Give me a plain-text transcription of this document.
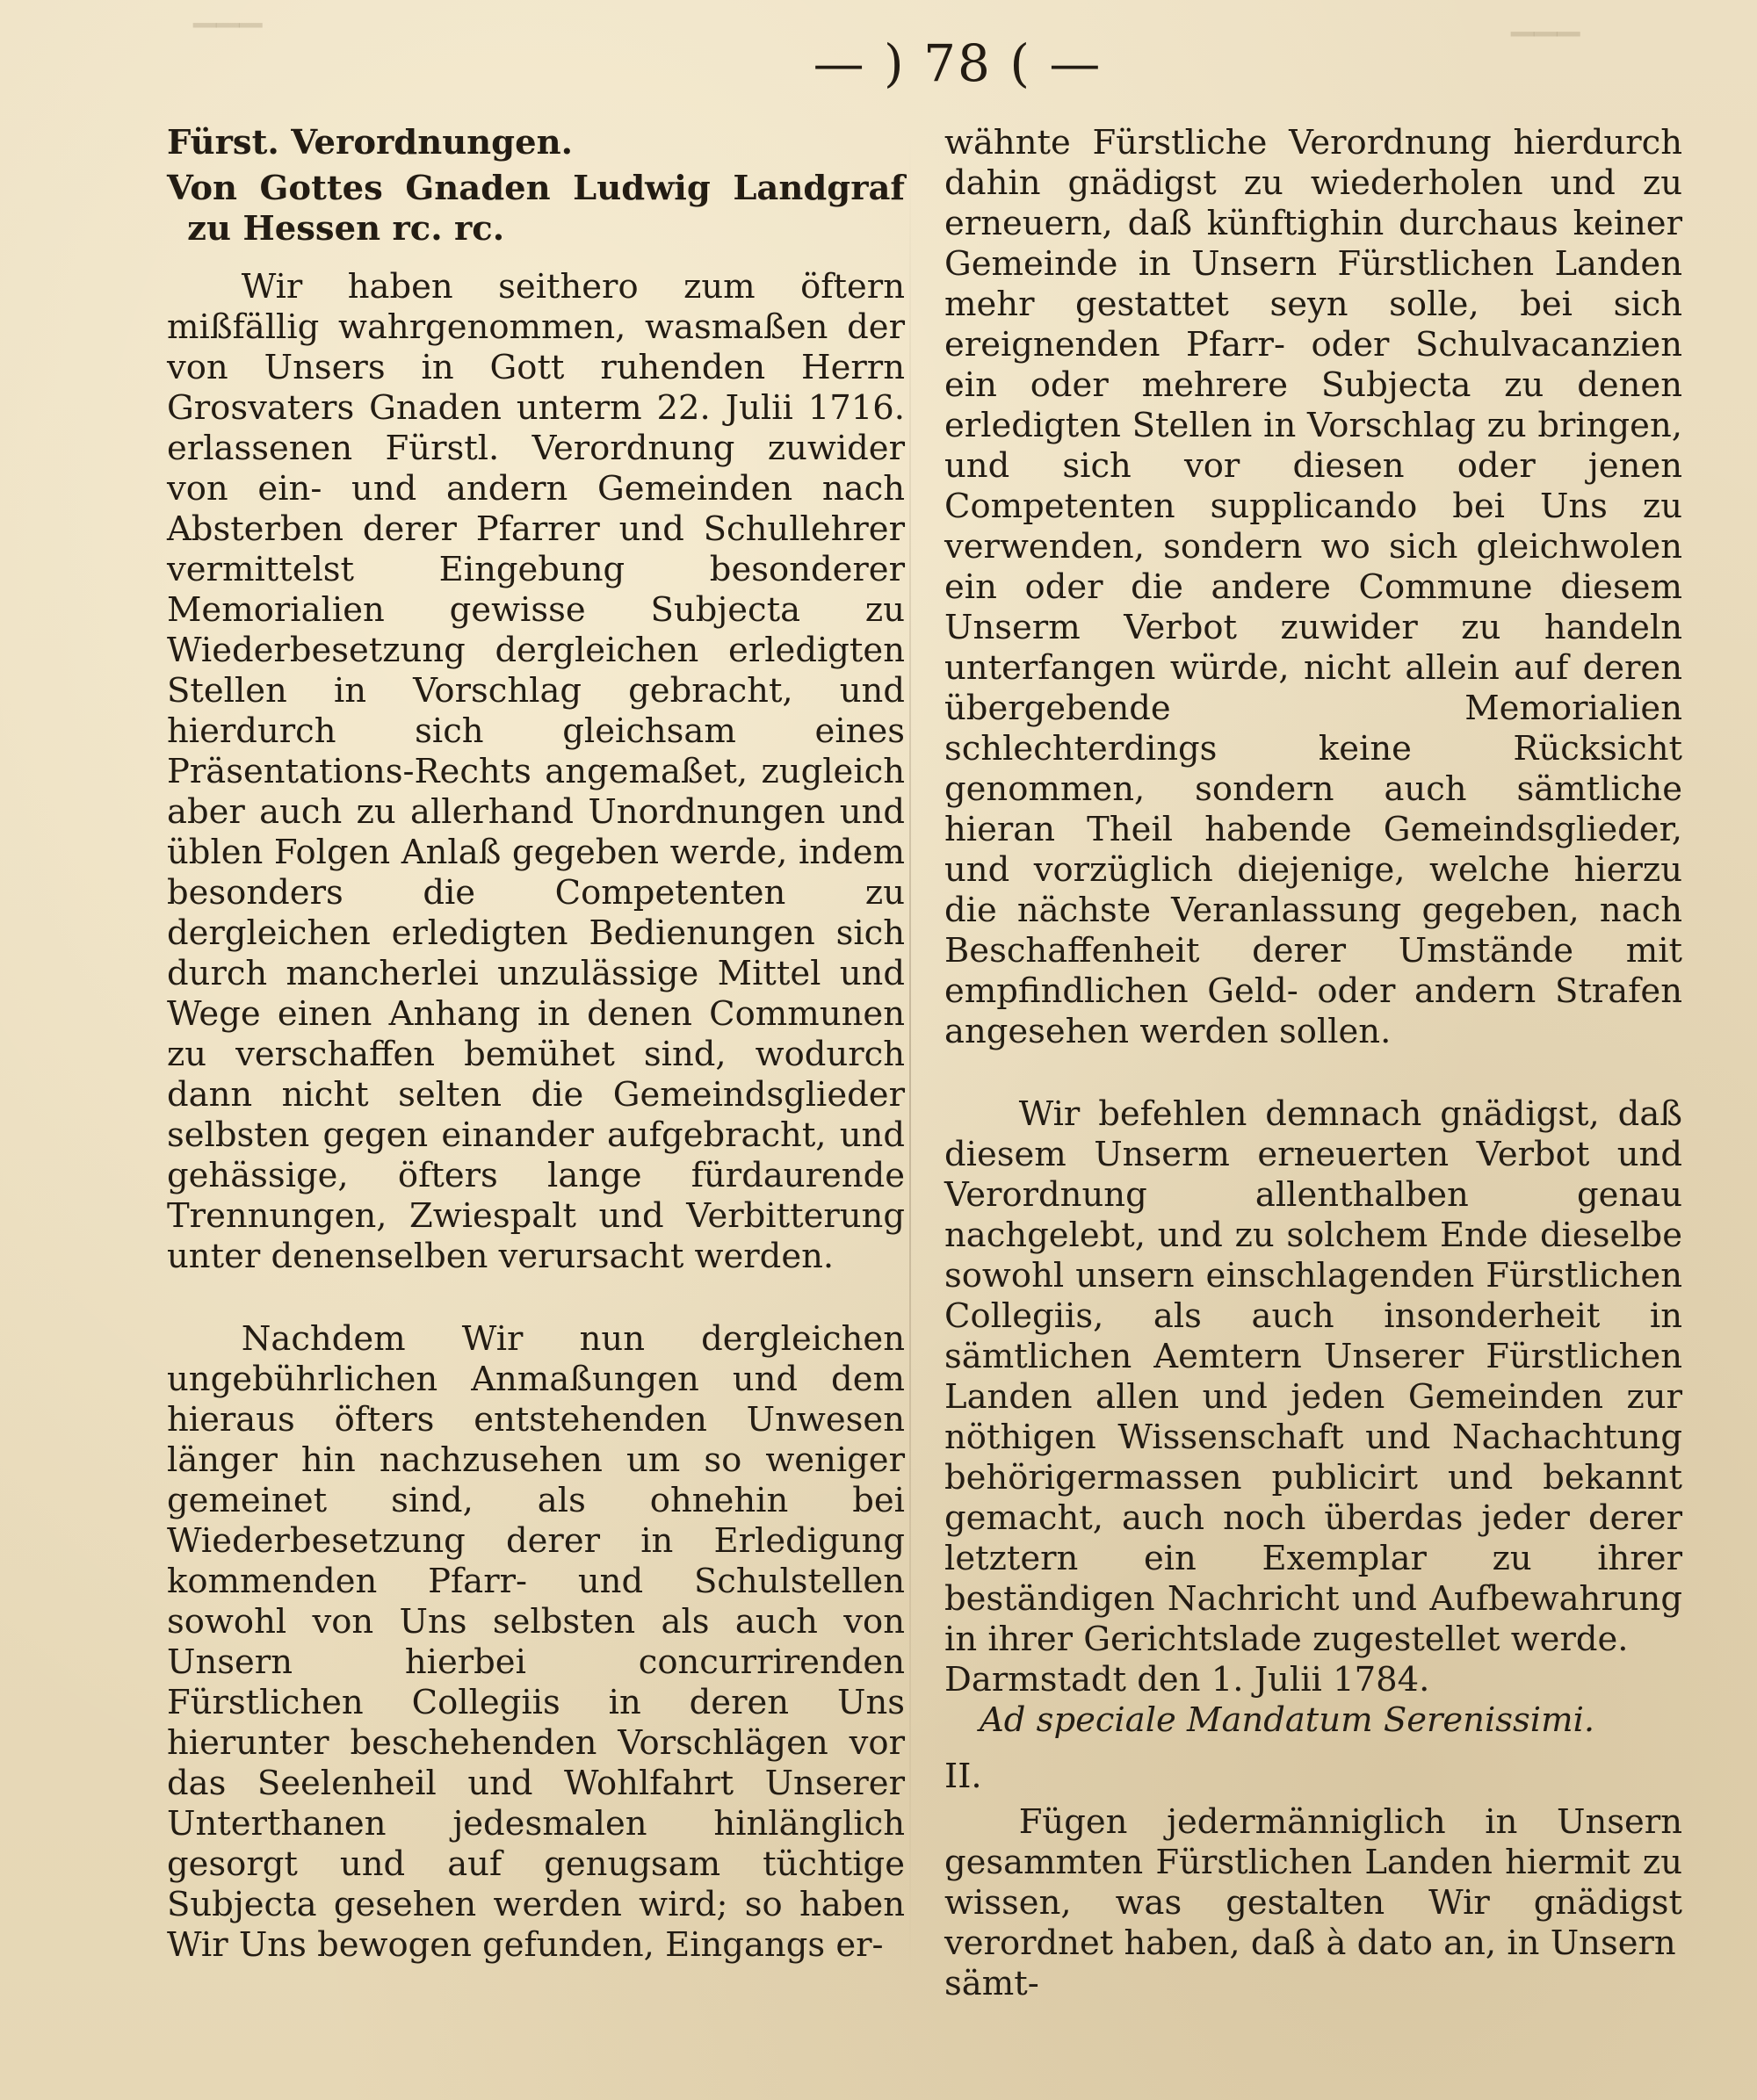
▔▔▔	▔▔▔
— ) 78 ( —

Fürst. Verordnungen.

Von Gottes Gnaden Ludwig Landgraf zu Hessen rc. rc.

Wir haben seithero zum öftern mißfällig wahrgenommen, wasmaßen der von Unsers in Gott ruhenden Herrn Grosvaters Gnaden unterm 22. Julii 1716. erlassenen Fürstl. Verordnung zuwider von ein- und andern Gemeinden nach Absterben derer Pfarrer und Schullehrer vermittelst Eingebung besonderer Memorialien gewisse Subjecta zu Wiederbesetzung dergleichen erledigten Stellen in Vorschlag gebracht, und hierdurch sich gleichsam eines Präsentations-Rechts angemaßet, zugleich aber auch zu allerhand Unordnungen und üblen Folgen Anlaß gegeben werde, indem besonders die Competenten zu dergleichen erledigten Bedienungen sich durch mancherlei unzulässige Mittel und Wege einen Anhang in denen Communen zu verschaffen bemühet sind, wodurch dann nicht selten die Gemeindsglieder selbsten gegen einander aufgebracht, und gehässige, öfters lange fürdaurende Trennungen, Zwiespalt und Verbitterung unter denenselben verursacht werden.

Nachdem Wir nun dergleichen ungebührlichen Anmaßungen und dem hieraus öfters entstehenden Unwesen länger hin nachzusehen um so weniger gemeinet sind, als ohnehin bei Wiederbesetzung derer in Erledigung kommenden Pfarr- und Schulstellen sowohl von Uns selbsten als auch von Unsern hierbei concurrirenden Fürstlichen Collegiis in deren Uns hierunter beschehenden Vorschlägen vor das Seelenheil und Wohlfahrt Unserer Unterthanen jedesmalen hinlänglich gesorgt und auf genugsam tüchtige Subjecta gesehen werden wird; so haben Wir Uns bewogen gefunden, Eingangs er-

wähnte Fürstliche Verordnung hierdurch dahin gnädigst zu wiederholen und zu erneuern, daß künftighin durchaus keiner Gemeinde in Unsern Fürstlichen Landen mehr gestattet seyn solle, bei sich ereignenden Pfarr- oder Schulvacanzien ein oder mehrere Subjecta zu denen erledigten Stellen in Vorschlag zu bringen, und sich vor diesen oder jenen Competenten supplicando bei Uns zu verwenden, sondern wo sich gleichwolen ein oder die andere Commune diesem Unserm Verbot zuwider zu handeln unterfangen würde, nicht allein auf deren übergebende Memorialien schlechterdings keine Rücksicht genommen, sondern auch sämtliche hieran Theil habende Gemeindsglieder, und vorzüglich diejenige, welche hierzu die nächste Veranlassung gegeben, nach Beschaffenheit derer Umstände mit empfindlichen Geld- oder andern Strafen angesehen werden sollen.

Wir befehlen demnach gnädigst, daß diesem Unserm erneuerten Verbot und Verordnung allenthalben genau nachgelebt, und zu solchem Ende dieselbe sowohl unsern einschlagenden Fürstlichen Collegiis, als auch insonderheit in sämtlichen Aemtern Unserer Fürstlichen Landen allen und jeden Gemeinden zur nöthigen Wissenschaft und Nachachtung behörigermassen publicirt und bekannt gemacht, auch noch überdas jeder derer letztern ein Exemplar zu ihrer beständigen Nachricht und Aufbewahrung in ihrer Gerichtslade zugestellet werde.

Darmstadt den 1. Julii 1784.

Ad speciale Mandatum Serenissimi.

II.

Fügen jedermänniglich in Unsern gesammten Fürstlichen Landen hiermit zu wissen, was gestalten Wir gnädigst verordnet haben, daß à dato an, in Unsern

sämt-
